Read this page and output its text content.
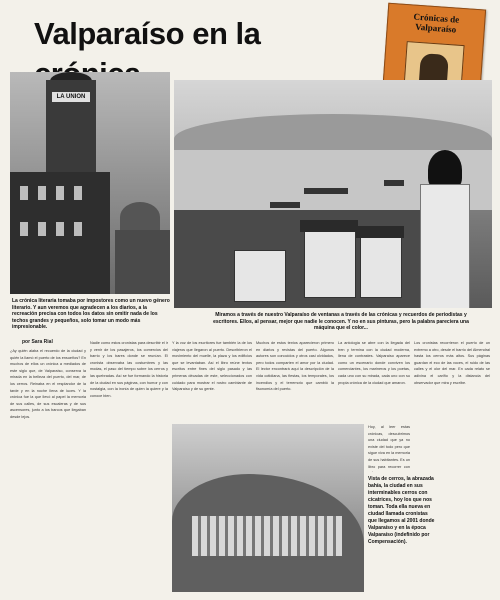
Valparaíso en la	Crónicas de Valparaíso
LA UNION
La crónica literaria tomaba por impostores como un nuevo género literario. Y aun veremos que agradecen a los diarios, a la recreación precisa con todos los datos sin omitir nada de los techos grandes y pequeños, solo tomar un modo más impresionable.
Miramos a través de nuestro Valparaíso de ventanas a través de las crónicas y recuerdos de periodistas y escritores. Ellos, al pensar, mejor que nadie le conocen. Y no en sus pinturas, pero la palabra pareciera una máquina que el color...
por Sara Rial
¿Ay quién alaba el recuerdo de la ciudad y quién la llamó el puerto de los ensueños? En muchos de ellos un crónica a mediados de este siglo que, de Valparaíso, conserva la mirada en la belleza del puerto, del mar, de los cerros. Reinaba en el resplandor de la tarde y en la noche llena de luces. Y la crónica fue la que llevó al papel la memoria de sus calles, de sus escaleras y de sus ascensores, junto a los barcos que llegaban desde lejos.
Nadie como estos cronistas para describir el ir y venir de los pasajeros, los comercios del barrio y los bares donde se reunían. El cronista observaba las costumbres y las modas, el paso del tiempo sobre los cerros y las quebradas. Así se fue formando la historia de la ciudad en sus páginas, con humor y con nostalgia, con la ironía de quien la quiere y la conoce bien.
Y la voz de los escritores fue también la de los viajeros que llegaron al puerto. Describieron el movimiento del muelle, la plaza y los edificios que se levantaban. Así el libro reúne textos escritos entre fines del siglo pasado y las primeras décadas de este, seleccionados con cuidado para mostrar el rostro cambiante de Valparaíso y de su gente.
Muchos de estos textos aparecieron primero en diarios y revistas del puerto. Algunos autores son conocidos y otros casi olvidados, pero todos comparten el amor por la ciudad. El lector encontrará aquí la descripción de la vida cotidiana, las fiestas, los temporales, los incendios y el terremoto que cambió la fisonomía del puerto.
La antología se abre con la llegada del tren y termina con la ciudad moderna, llena de contrastes. Valparaíso aparece como un escenario donde conviven los comerciantes, los marineros y los poetas, cada uno con su mirada, cada uno con su propia crónica de la ciudad que amaron.
Los cronistas recorrieron el puerto de un extremo a otro, desde el barrio del Almendral hasta los cerros más altos. Sus páginas guardan el eco de las voces, el ruido de las calles y el olor del mar. En cada relato se adivina el cariño y la distancia del observador que mira y escribe.
Hoy, al leer estas crónicas, descubrimos una ciudad que ya no existe del todo pero que sigue viva en la memoria de sus habitantes. Es un libro para recorrer con
Vista de cerros, la abrazada bahía, la ciudad en sus interminables cerros con cicatrices, hoy los que nos toman. Toda ella nueva en ciudad llamada cronistas que llegamos al 2001 donde Valparaíso y en la época Valparaíso (indefinido por Compensación).
